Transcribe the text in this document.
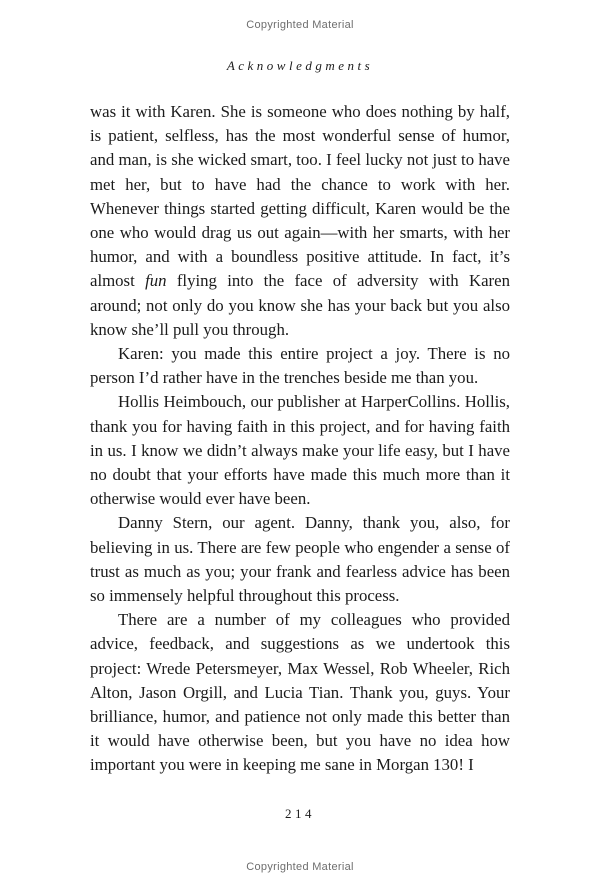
Copyrighted Material
Acknowledgments

was it with Karen. She is someone who does nothing by half, is patient, selfless, has the most wonderful sense of humor, and man, is she wicked smart, too. I feel lucky not just to have met her, but to have had the chance to work with her. Whenever things started getting difficult, Karen would be the one who would drag us out again—with her smarts, with her humor, and with a boundless positive attitude. In fact, it’s almost fun flying into the face of adversity with Karen around; not only do you know she has your back but you also know she’ll pull you through.

Karen: you made this entire project a joy. There is no person I’d rather have in the trenches beside me than you.

Hollis Heimbouch, our publisher at HarperCollins. Hollis, thank you for having faith in this project, and for having faith in us. I know we didn’t always make your life easy, but I have no doubt that your efforts have made this much more than it otherwise would ever have been.

Danny Stern, our agent. Danny, thank you, also, for believing in us. There are few people who engender a sense of trust as much as you; your frank and fearless advice has been so immensely helpful throughout this process.

There are a number of my colleagues who provided advice, feedback, and suggestions as we undertook this project: Wrede Petersmeyer, Max Wessel, Rob Wheeler, Rich Alton, Jason Orgill, and Lucia Tian. Thank you, guys. Your brilliance, humor, and patience not only made this better than it would have otherwise been, but you have no idea how important you were in keeping me sane in Morgan 130! I

214
Copyrighted Material
